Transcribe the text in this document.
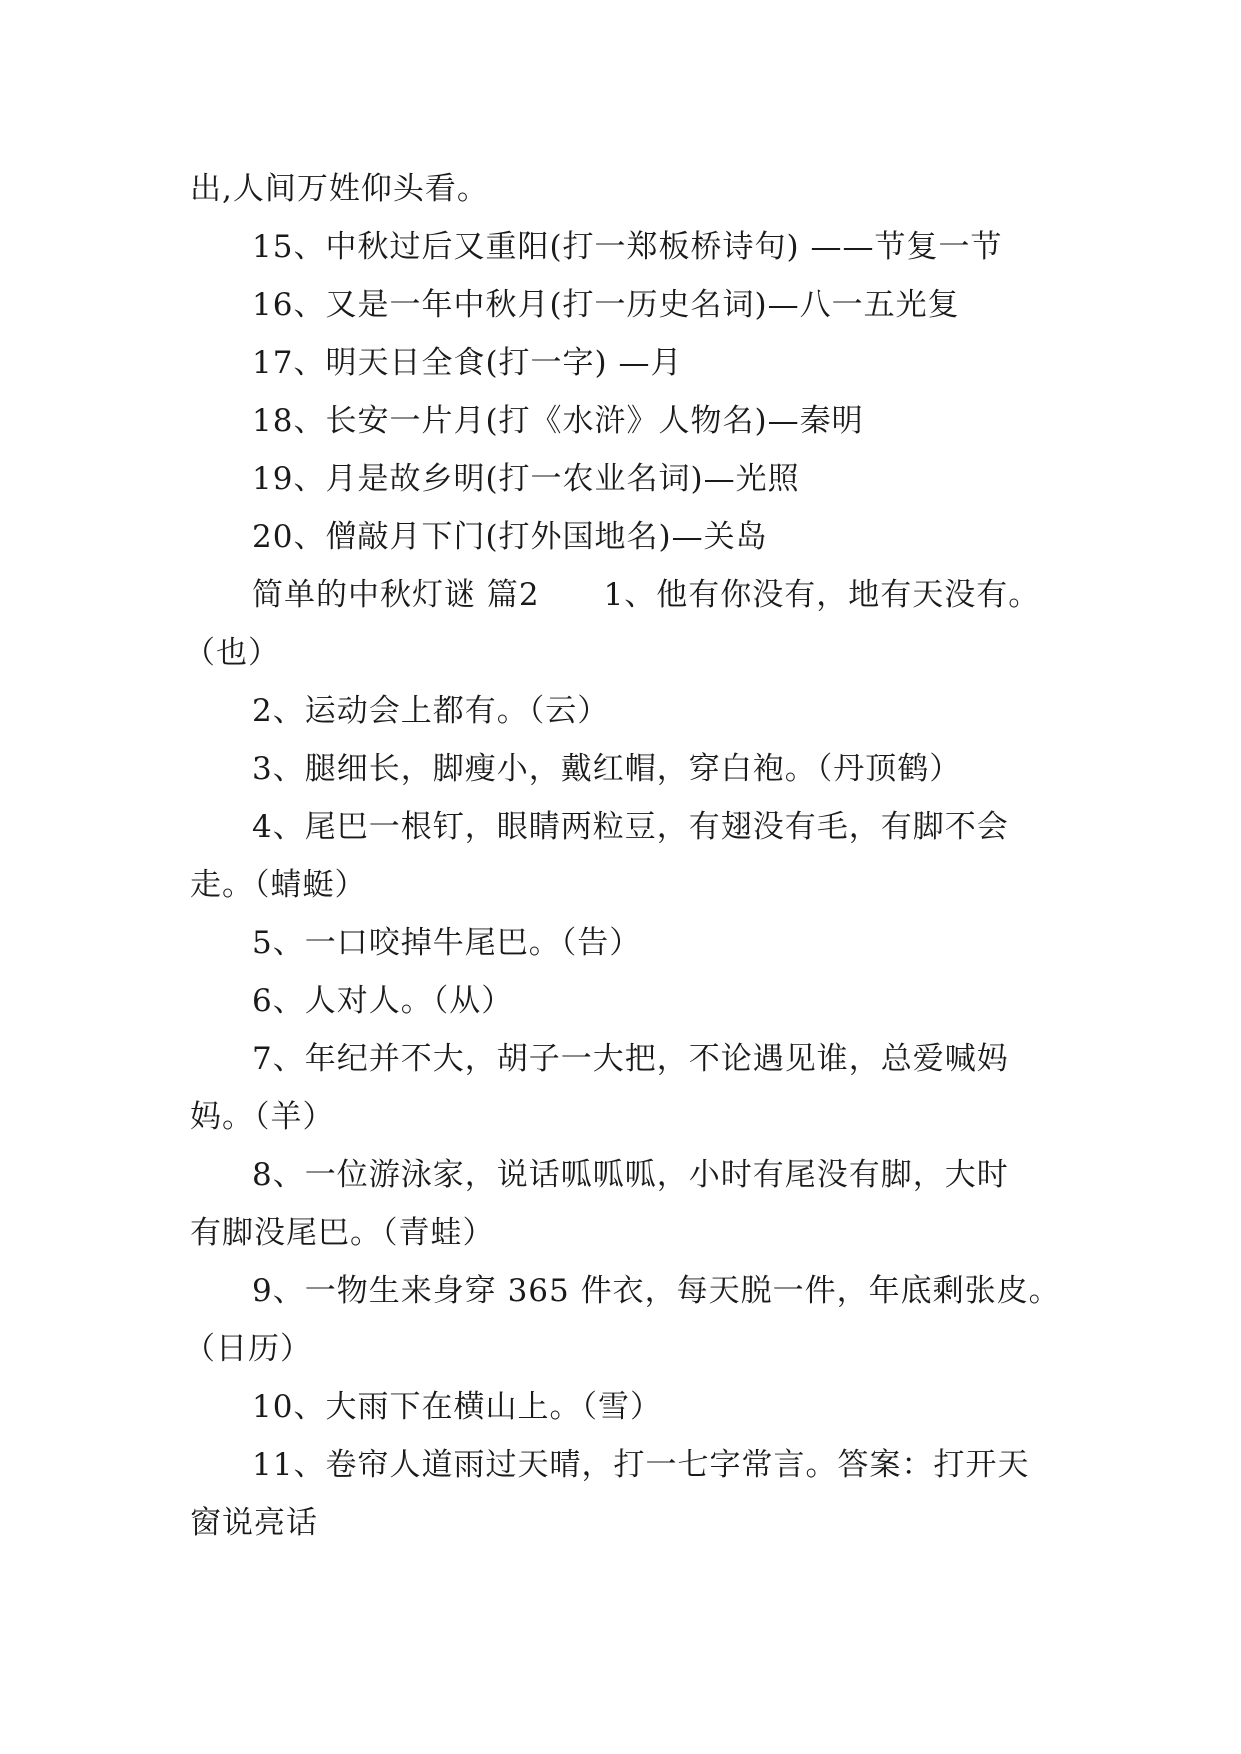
出,人间万姓仰头看。
15、中秋过后又重阳(打一郑板桥诗句) ——节复一节
16、又是一年中秋月(打一历史名词)—八一五光复
17、明天日全食(打一字) —月
18、长安一片月(打《水浒》人物名)—秦明
19、月是故乡明(打一农业名词)—光照
20、僧敲月下门(打外国地名)—关岛
简单的中秋灯谜 篇2 1、他有你没有，地有天没有。
（也）
2、运动会上都有。（云）
3、腿细长，脚瘦小，戴红帽，穿白袍。（丹顶鹤）
4、尾巴一根钉，眼睛两粒豆，有翅没有毛，有脚不会
走。（蜻蜓）
5、一口咬掉牛尾巴。（告）
6、人对人。（从）
7、年纪并不大，胡子一大把，不论遇见谁，总爱喊妈
妈。（羊）
8、一位游泳家，说话呱呱呱，小时有尾没有脚，大时
有脚没尾巴。（青蛙）
9、一物生来身穿 365 件衣，每天脱一件，年底剩张皮。
（日历）
10、大雨下在横山上。（雪）
11、卷帘人道雨过天晴，打一七字常言。答案：打开天
窗说亮话
